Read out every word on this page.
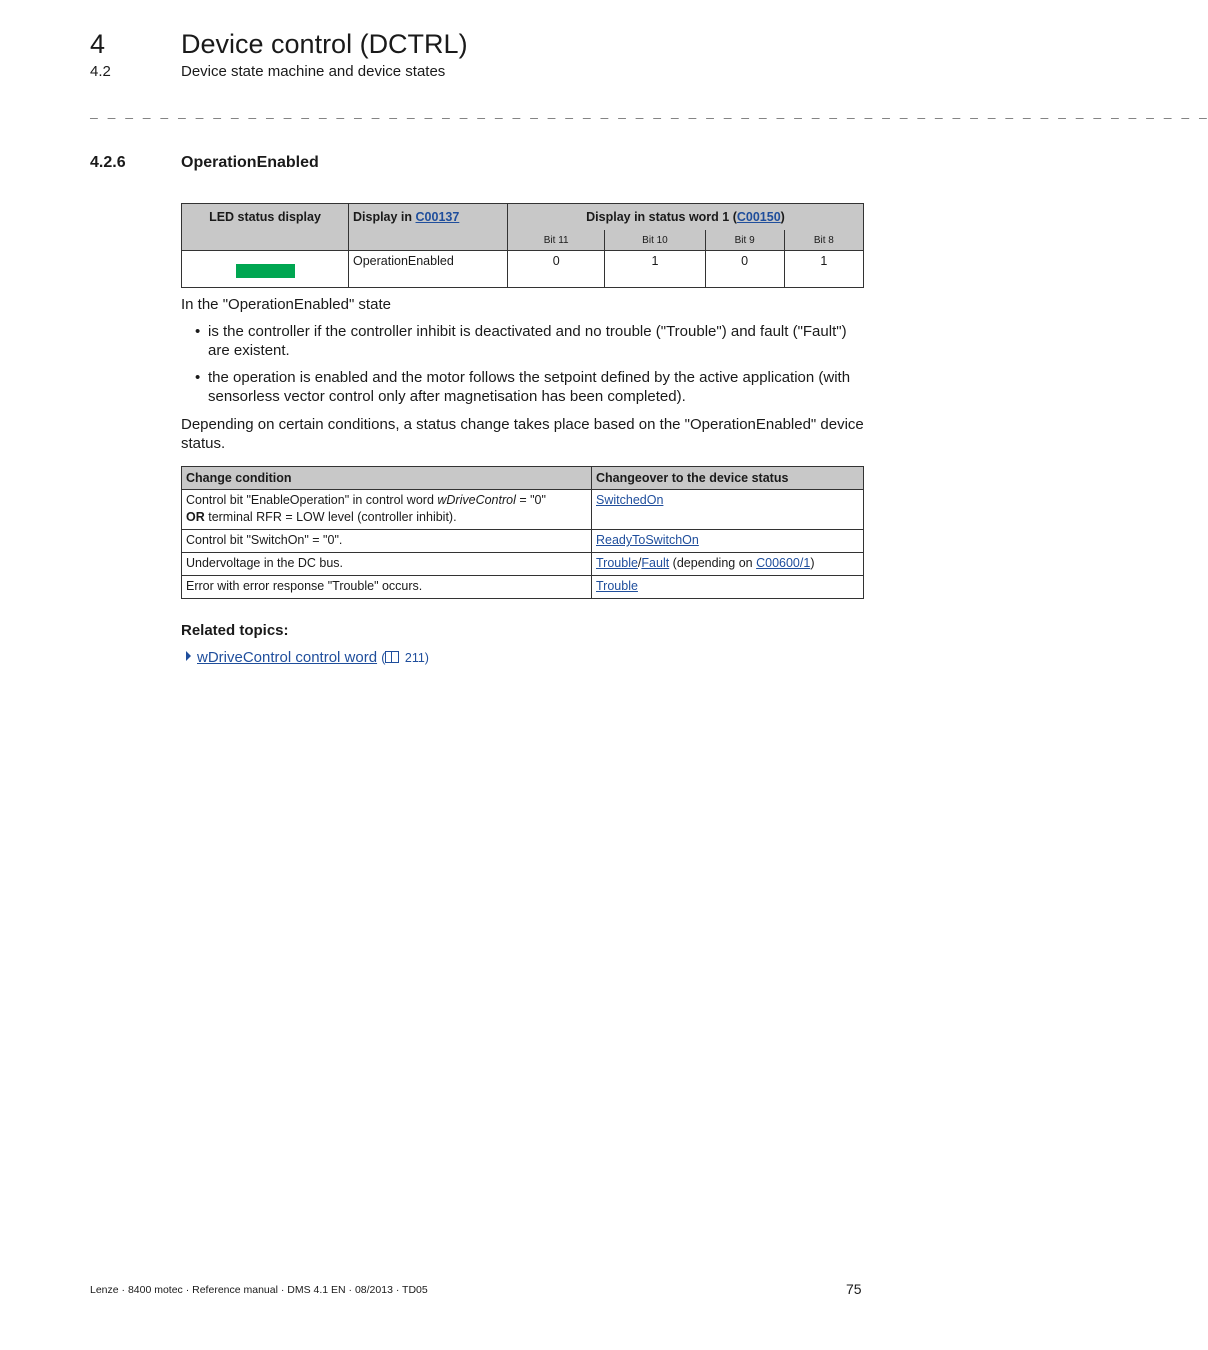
4	Device control (DCTRL)
4.2	Device state machine and device states
_ _ _ _ _ _ _ _ _ _ _ _ _ _ _ _ _ _ _ _ _ _ _ _ _ _ _ _ _ _ _ _ _ _ _ _ _ _ _ _ _ _ _ _ _ _ _ _ _ _ _ _ _ _ _ _ _ _ _ _ _ _ _ _
4.2.6	OperationEnabled
LED status display	Display in C00137	Display in status word 1 (C00150)			
		Bit 11	Bit 10	Bit 9	Bit 8
	OperationEnabled	0	1	0	1
In the "OperationEnabled" state
• is the controller if the controller inhibit is deactivated and no trouble ("Trouble") and fault ("Fault") are existent.
• the operation is enabled and the motor follows the setpoint defined by the active application (with sensorless vector control only after magnetisation has been completed).
Depending on certain conditions, a status change takes place based on the "OperationEnabled" device status.
Change condition	Changeover to the device status
Control bit "EnableOperation" in control word wDriveControl = "0"
OR terminal RFR = LOW level (controller inhibit).	SwitchedOn
Control bit "SwitchOn" = "0".	ReadyToSwitchOn
Undervoltage in the DC bus.	Trouble/Fault (depending on C00600/1)
Error with error response "Trouble" occurs.	Trouble
Related topics:
wDriveControl control word ( 211)
Lenze · 8400 motec · Reference manual · DMS 4.1 EN · 08/2013 · TD05	75
